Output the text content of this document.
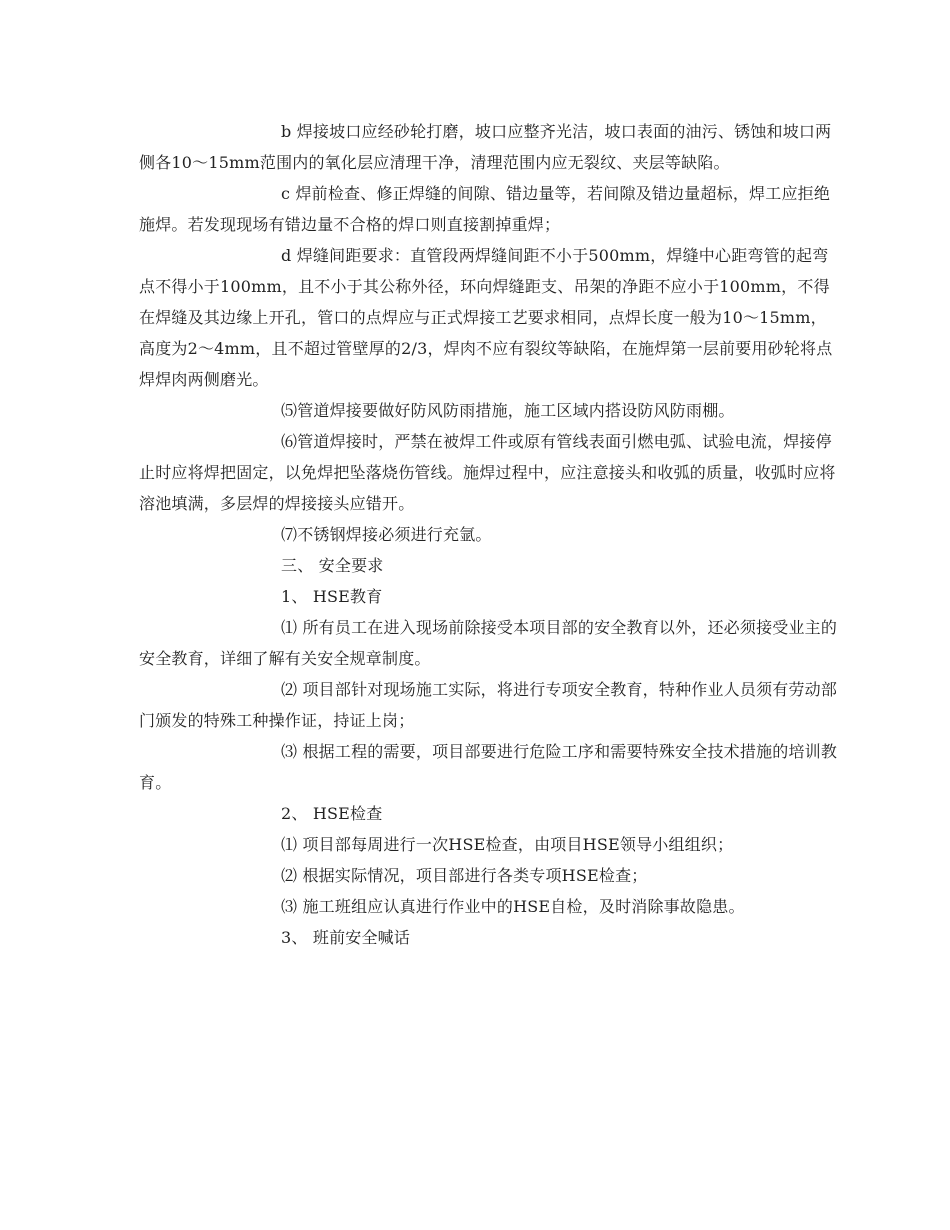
b 焊接坡口应经砂轮打磨，坡口应整齐光洁，坡口表面的油污、锈蚀和坡口两侧各10～15mm范围内的氧化层应清理干净，清理范围内应无裂纹、夹层等缺陷。

c 焊前检查、修正焊缝的间隙、错边量等，若间隙及错边量超标，焊工应拒绝施焊。若发现现场有错边量不合格的焊口则直接割掉重焊；

d 焊缝间距要求：直管段两焊缝间距不小于500mm，焊缝中心距弯管的起弯点不得小于100mm，且不小于其公称外径，环向焊缝距支、吊架的净距不应小于100mm，不得在焊缝及其边缘上开孔，管口的点焊应与正式焊接工艺要求相同，点焊长度一般为10～15mm，高度为2～4mm，且不超过管壁厚的2/3，焊肉不应有裂纹等缺陷，在施焊第一层前要用砂轮将点焊焊肉两侧磨光。

⑸管道焊接要做好防风防雨措施，施工区域内搭设防风防雨棚。

⑹管道焊接时，严禁在被焊工件或原有管线表面引燃电弧、试验电流，焊接停止时应将焊把固定，以免焊把坠落烧伤管线。施焊过程中，应注意接头和收弧的质量，收弧时应将溶池填满，多层焊的焊接接头应错开。

⑺不锈钢焊接必须进行充氩。

三、 安全要求

1、 HSE教育

⑴ 所有员工在进入现场前除接受本项目部的安全教育以外，还必须接受业主的安全教育，详细了解有关安全规章制度。

⑵ 项目部针对现场施工实际，将进行专项安全教育，特种作业人员须有劳动部门颁发的特殊工种操作证，持证上岗；

⑶ 根据工程的需要，项目部要进行危险工序和需要特殊安全技术措施的培训教育。

2、 HSE检查

⑴ 项目部每周进行一次HSE检查，由项目HSE领导小组组织；

⑵ 根据实际情况，项目部进行各类专项HSE检查；

⑶ 施工班组应认真进行作业中的HSE自检，及时消除事故隐患。

3、 班前安全喊话
